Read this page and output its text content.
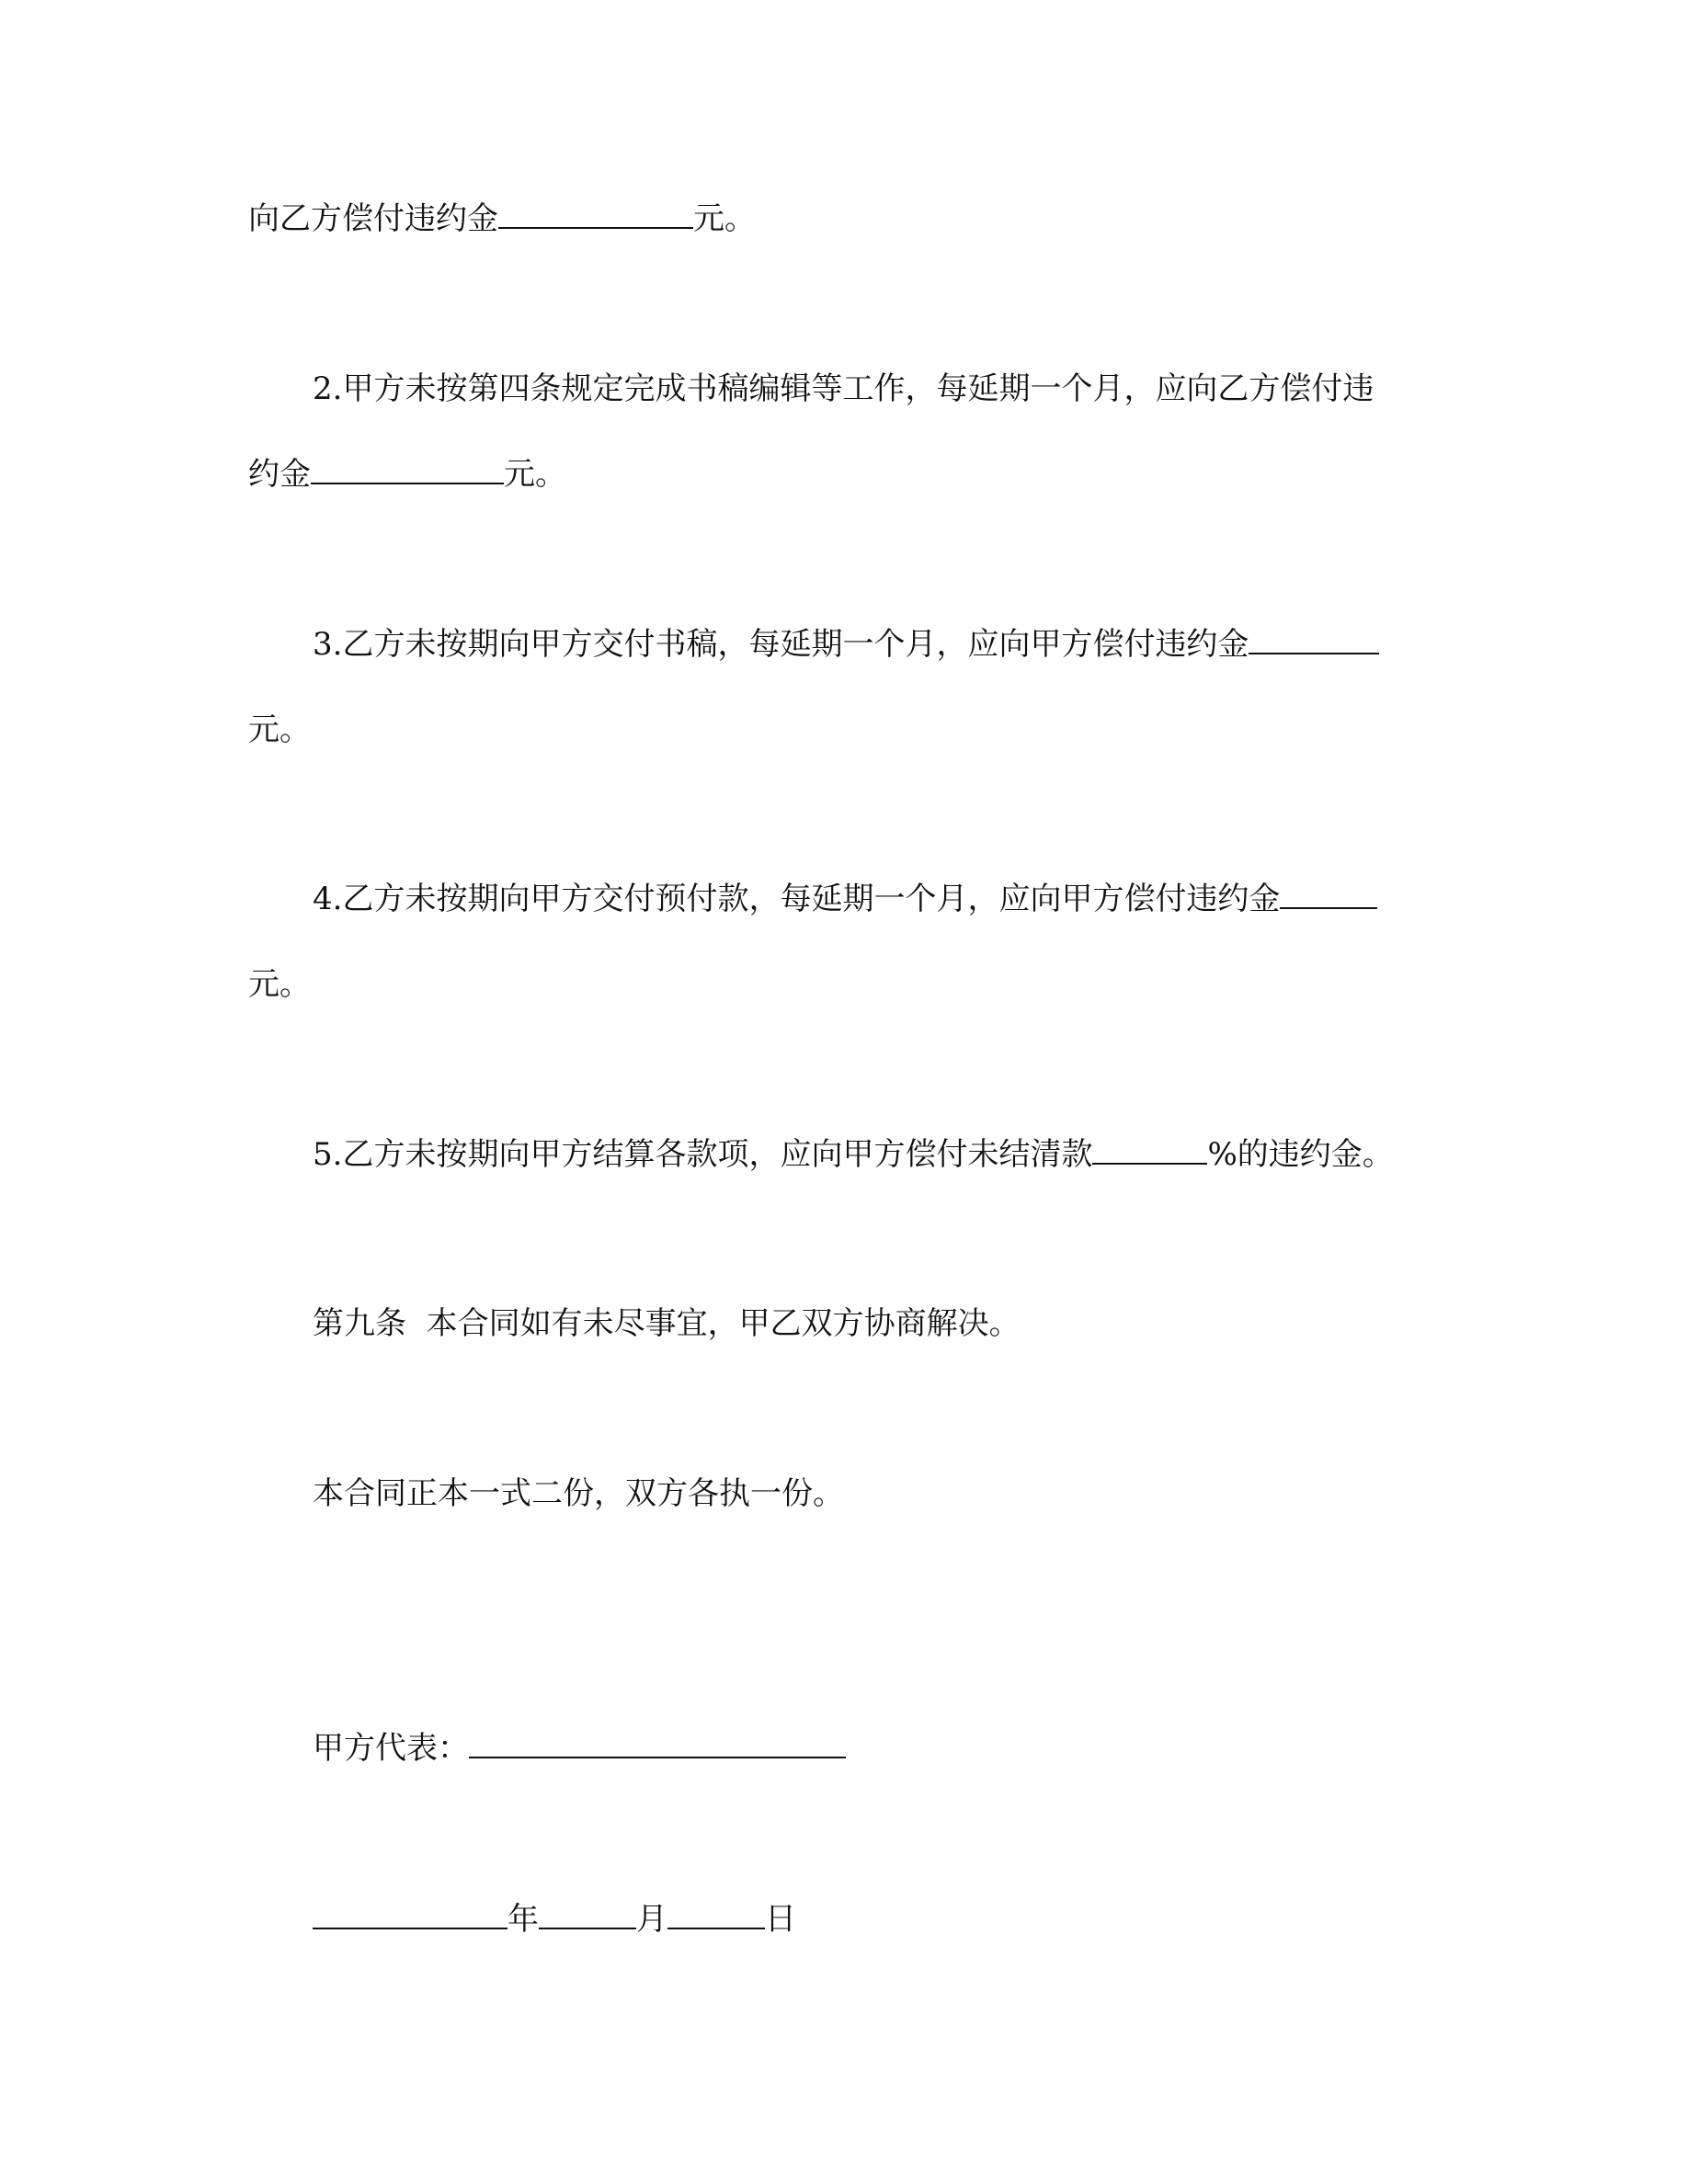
向乙方偿付违约金	元。
2.甲方未按第四条规定完成书稿编辑等工作，每延期一个月，应向乙方偿付违
约金	元。
3.乙方未按期向甲方交付书稿，每延期一个月，应向甲方偿付违约金
元。
4.乙方未按期向甲方交付预付款，每延期一个月，应向甲方偿付违约金
元。
5.乙方未按期向甲方结算各款项，应向甲方偿付未结清款	%的违约金。
第九条  本合同如有未尽事宜，甲乙双方协商解决。
本合同正本一式二份，双方各执一份。
甲方代表：
年	月	日
